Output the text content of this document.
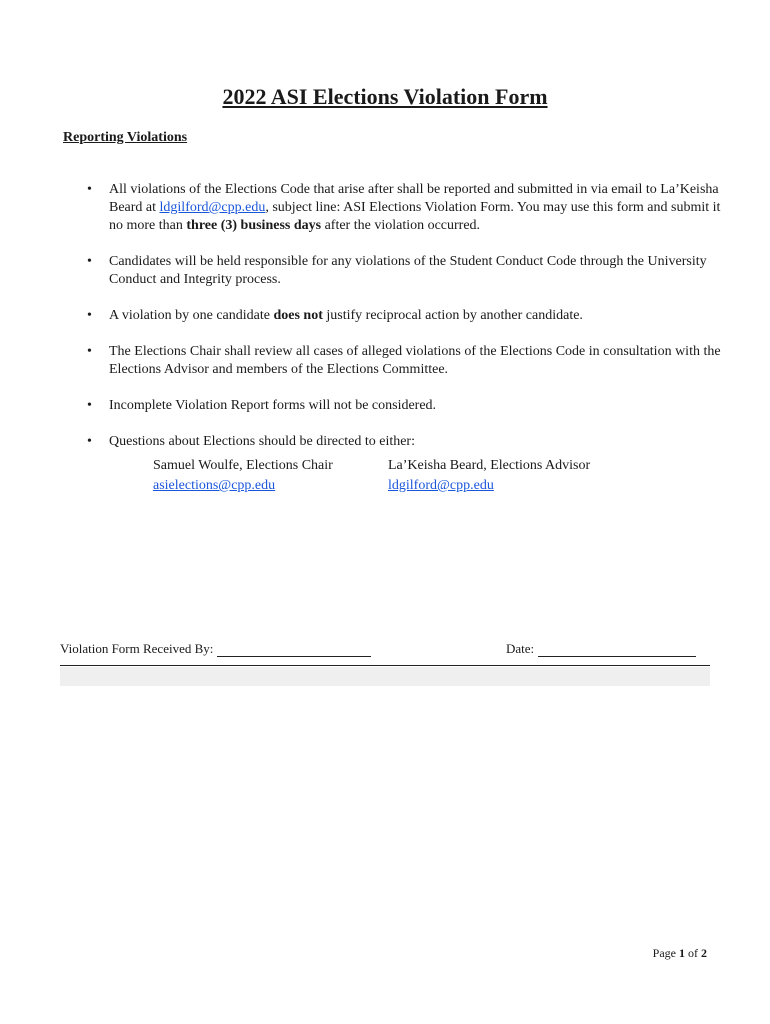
2022 ASI Elections Violation Form
Reporting Violations
•	All violations of the Elections Code that arise after shall be reported and submitted in via email to La’Keisha Beard at ldgilford@cpp.edu, subject line: ASI Elections Violation Form. You may use this form and submit it no more than three (3) business days after the violation occurred.
•	Candidates will be held responsible for any violations of the Student Conduct Code through the University Conduct and Integrity process.
•	A violation by one candidate does not justify reciprocal action by another candidate.
•	The Elections Chair shall review all cases of alleged violations of the Elections Code in consultation with the Elections Advisor and members of the Elections Committee.
•	Incomplete Violation Report forms will not be considered.
•	Questions about Elections should be directed to either:
Samuel Woulfe, Elections Chair
asielections@cpp.edu
La’Keisha Beard, Elections Advisor
ldgilford@cpp.edu
Violation Form Received By:	Date:
Page 1 of 2
